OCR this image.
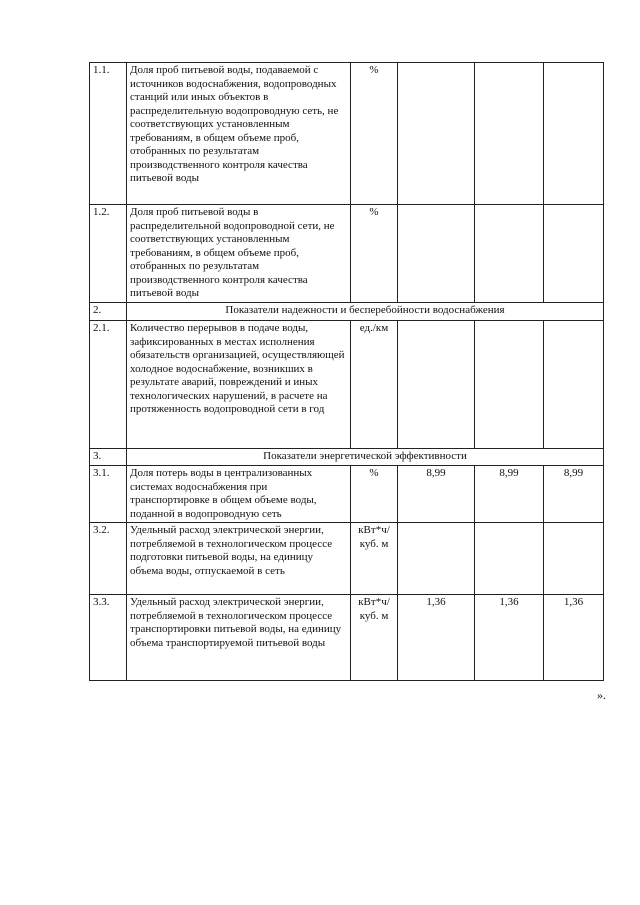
1.1.	Доля проб питьевой воды, подаваемой с источников водоснабжения, водопроводных станций или иных объектов в распределительную водопроводную сеть, не соответствующих установленным требованиям, в общем объеме проб, отобранных по результатам производственного контроля качества питьевой воды	%			
1.2.	Доля проб питьевой воды в распределительной водопроводной сети, не соответствующих установленным требованиям, в общем объеме проб, отобранных по результатам производственного контроля качества питьевой воды	%			
2.	Показатели надежности и бесперебойности водоснабжения				
2.1.	Количество перерывов в подаче воды, зафиксированных в местах исполнения обязательств организацией, осуществляющей холодное водоснабжение, возникших в результате аварий, повреждений и иных технологических нарушений, в расчете на протяженность водопроводной сети в год	ед./км			
3.	Показатели энергетической эффективности				
3.1.	Доля потерь воды в централизованных системах водоснабжения при транспортировке в общем объеме воды, поданной в водопроводную сеть	%	8,99	8,99	8,99
3.2.	Удельный расход электрической энергии, потребляемой в технологическом процессе подготовки питьевой воды, на единицу объема воды, отпускаемой в сеть	кВт*ч/ куб. м			
3.3.	Удельный расход электрической энергии, потребляемой в технологическом процессе транспортировки питьевой воды, на единицу объема транспортируемой питьевой воды	кВт*ч/ куб. м	1,36	1,36	1,36
».
